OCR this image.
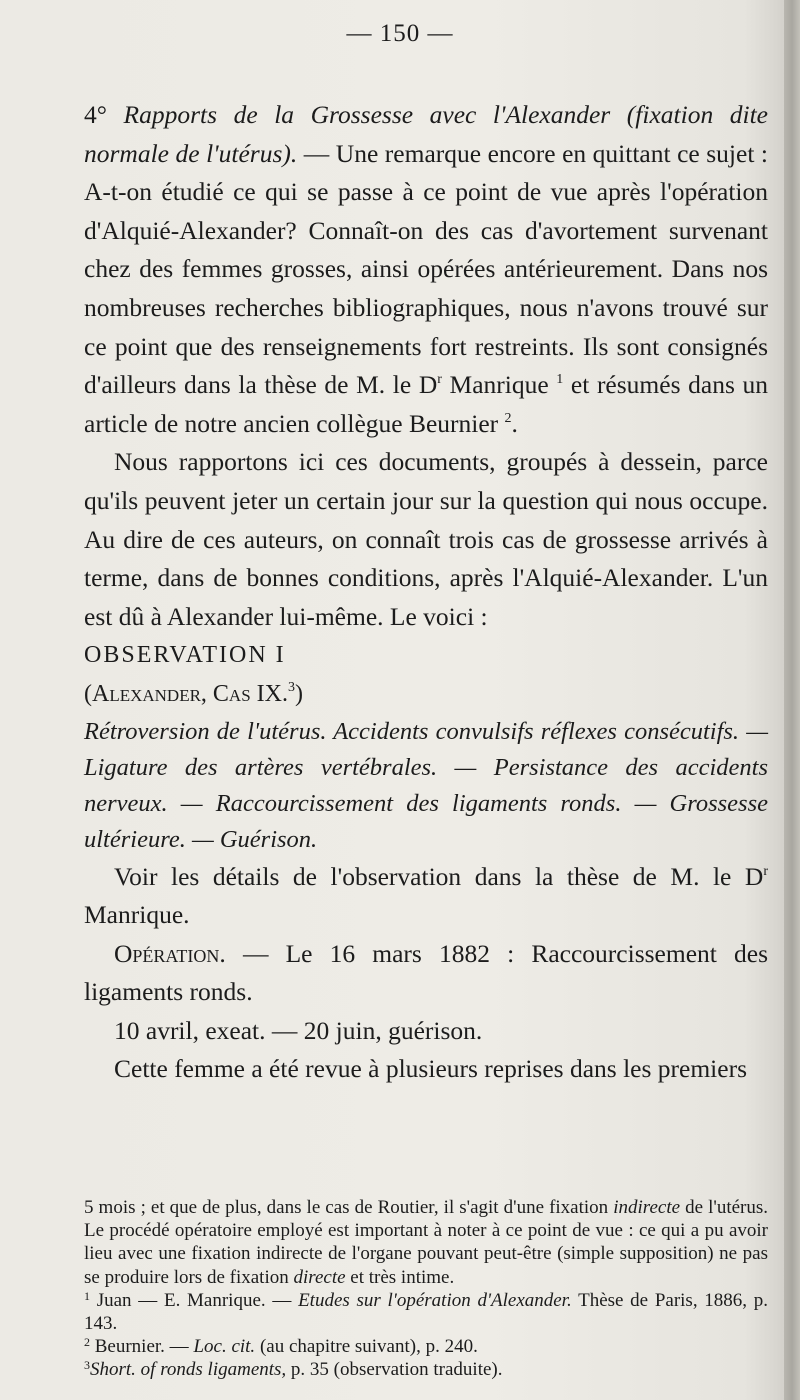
— 150 —

4° Rapports de la Grossesse avec l'Alexander (fixation dite normale de l'utérus). — Une remarque encore en quittant ce sujet : A-t-on étudié ce qui se passe à ce point de vue après l'opération d'Alquié-Alexander? Connaît-on des cas d'avortement survenant chez des femmes grosses, ainsi opérées antérieurement. Dans nos nombreuses recherches bibliographiques, nous n'avons trouvé sur ce point que des renseignements fort restreints. Ils sont consignés d'ailleurs dans la thèse de M. le $D^r$ Manrique $^1$ et résumés dans un article de notre ancien collègue Beurnier $^2$.

Nous rapportons ici ces documents, groupés à dessein, parce qu'ils peuvent jeter un certain jour sur la question qui nous occupe. Au dire de ces auteurs, on connaît trois cas de grossesse arrivés à terme, dans de bonnes conditions, après l'Alquié-Alexander. L'un est dû à Alexander lui-même. Le voici :

OBSERVATION I

(Alexander, Cas IX.$^3$)

Rétroversion de l'utérus. Accidents convulsifs réflexes consécutifs. — Ligature des artères vertébrales. — Persistance des accidents nerveux. — Raccourcissement des ligaments ronds. — Grossesse ultérieure. — Guérison.

Voir les détails de l'observation dans la thèse de M. le $D^r$ Manrique.

Opération. — Le 16 mars 1882 : Raccourcissement des ligaments ronds.

10 avril, exeat. — 20 juin, guérison.

Cette femme a été revue à plusieurs reprises dans les premiers

5 mois ; et que de plus, dans le cas de Routier, il s'agit d'une fixation indirecte de l'utérus. Le procédé opératoire employé est important à noter à ce point de vue : ce qui a pu avoir lieu avec une fixation indirecte de l'organe pouvant peut-être (simple supposition) ne pas se produire lors de fixation directe et très intime.

$^1$ Juan — E. Manrique. — Etudes sur l'opération d'Alexander. Thèse de Paris, 1886, p. 143.

$^2$ Beurnier. — Loc. cit. (au chapitre suivant), p. 240.

$^3$Short. of ronds ligaments, p. 35 (observation traduite).
